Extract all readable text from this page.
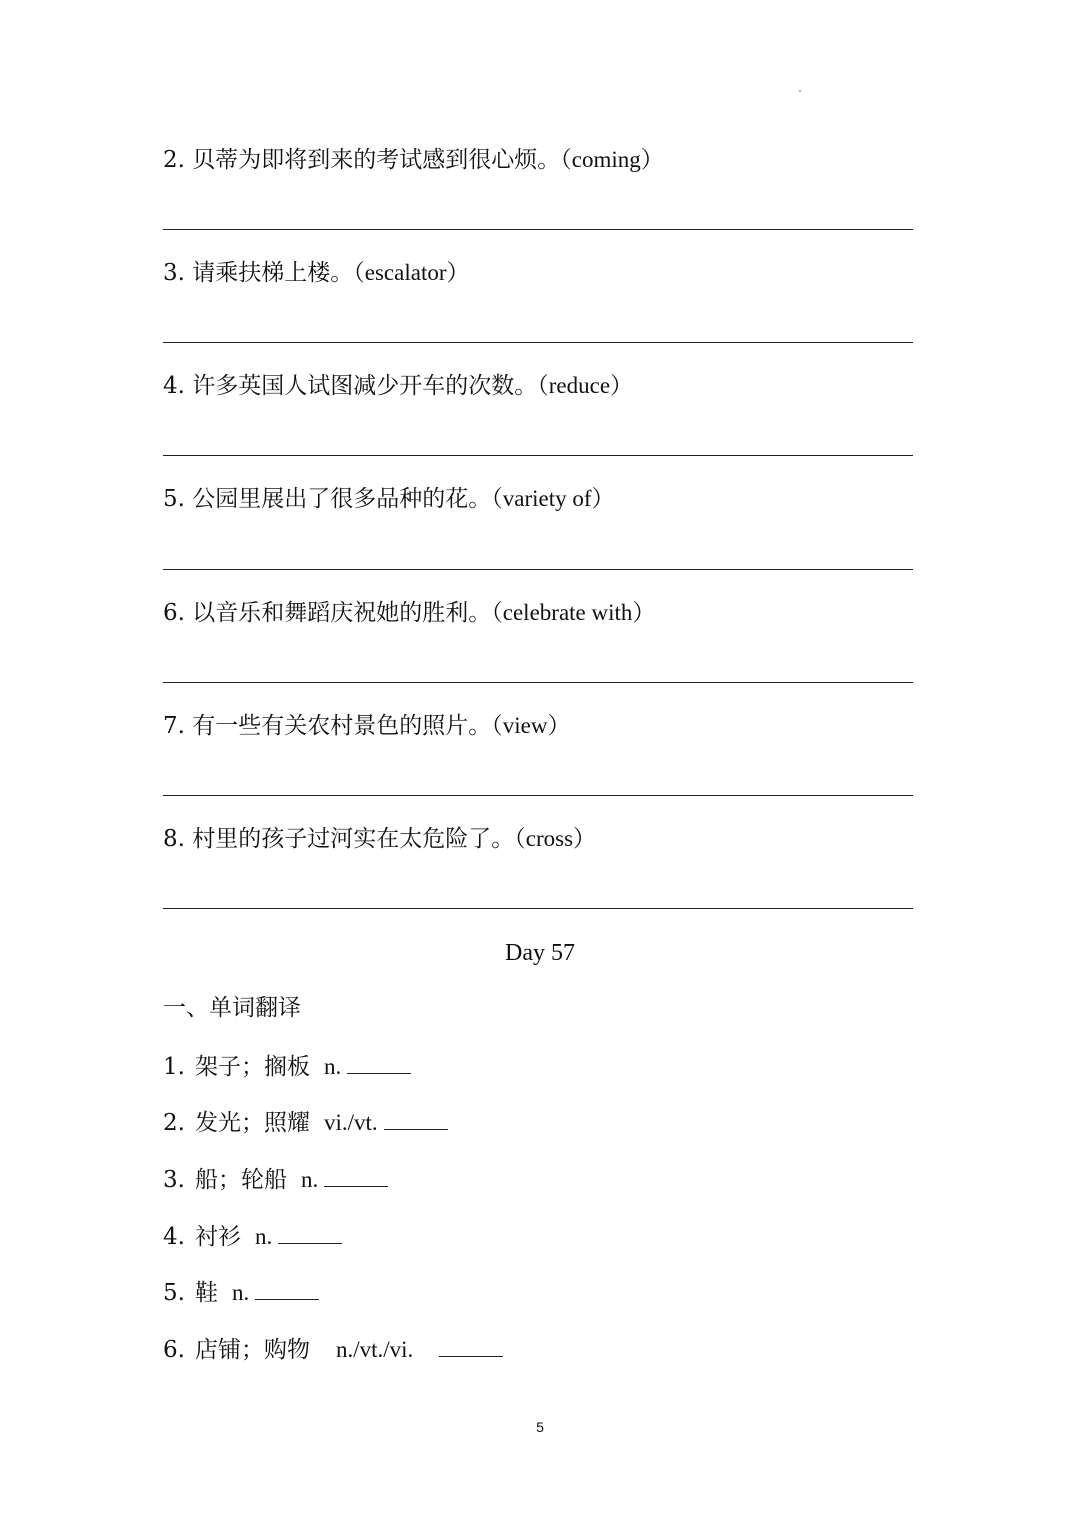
2. 贝蒂为即将到来的考试感到很心烦。（coming）
3. 请乘扶梯上楼。（escalator）
4. 许多英国人试图减少开车的次数。（reduce）
5. 公园里展出了很多品种的花。（variety of）
6. 以音乐和舞蹈庆祝她的胜利。（celebrate with）
7. 有一些有关农村景色的照片。（view）
8. 村里的孩子过河实在太危险了。（cross）
Day 57
一、单词翻译
1. 架子；搁板 n.
2. 发光；照耀 vi./vt.
3. 船；轮船 n.
4. 衬衫 n.
5. 鞋 n.
6. 店铺；购物 n./vt./vi.
5
